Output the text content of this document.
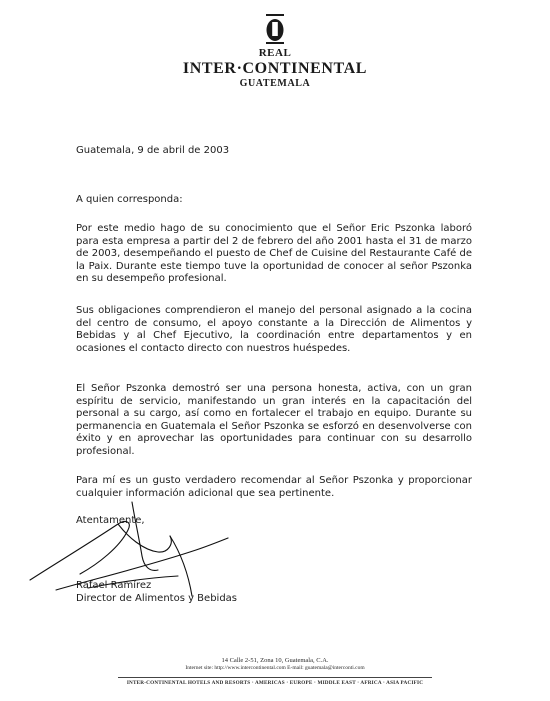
REAL
INTER·CONTINENTAL
GUATEMALA

Guatemala, 9 de abril de 2003

A quien corresponda:

Por este medio hago de su conocimiento que el Señor Eric Pszonka laboró para esta empresa a partir del 2 de febrero del año 2001 hasta el 31 de marzo de 2003, desempeñando el puesto de Chef de Cuisine del Restaurante Café de la Paix. Durante este tiempo tuve la oportunidad de conocer al señor Pszonka en su desempeño profesional.

Sus obligaciones comprendieron el manejo del personal asignado a la cocina del centro de consumo, el apoyo constante a la Dirección de Alimentos y Bebidas y al Chef Ejecutivo, la coordinación entre departamentos y en ocasiones el contacto directo con nuestros huéspedes.

El Señor Pszonka demostró ser una persona honesta, activa, con un gran espíritu de servicio, manifestando un gran interés en la capacitación del personal a su cargo, así como en fortalecer el trabajo en equipo. Durante su permanencia en Guatemala el Señor Pszonka se esforzó en desenvolverse con éxito y en aprovechar las oportunidades para continuar con su desarrollo profesional.

Para mí es un gusto verdadero recomendar al Señor Pszonka y proporcionar cualquier información adicional que sea pertinente.

Atentamente,

Rafael Ramírez

Director de Alimentos y Bebidas

14 Calle 2-51, Zona 10, Guatemala, C.A.
Internet site: http://www.intercontinental.com E-mail: guatemala@interconti.com
INTER-CONTINENTAL HOTELS AND RESORTS · AMERICAS · EUROPE · MIDDLE EAST · AFRICA · ASIA PACIFIC
